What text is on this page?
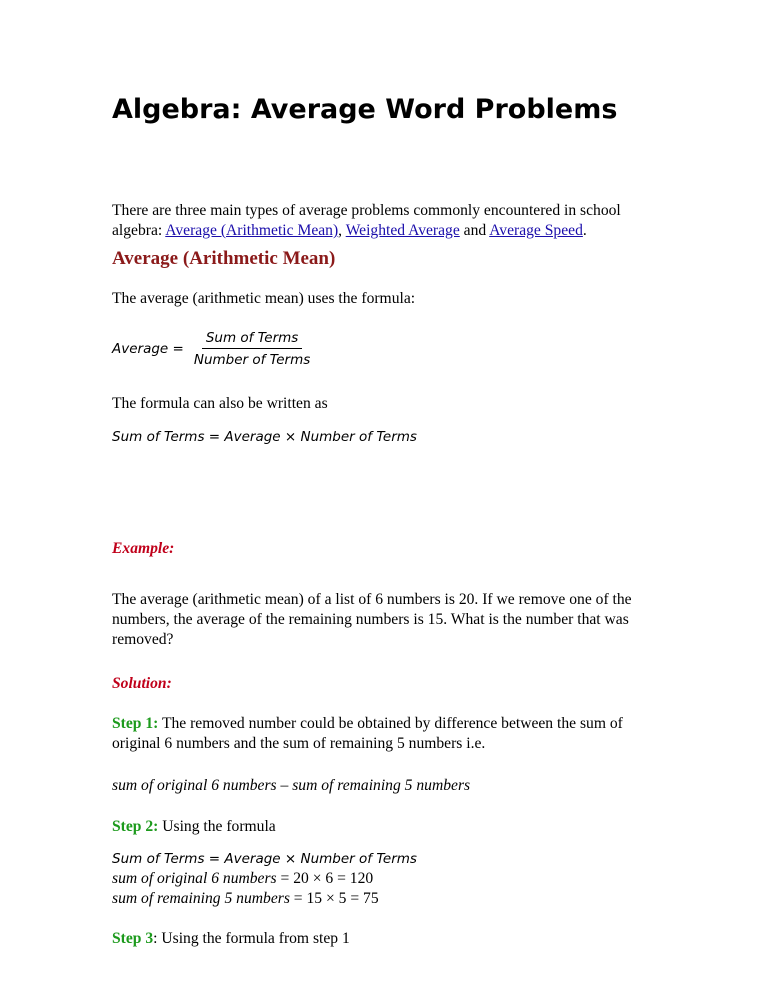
Algebra: Average Word Problems

There are three main types of average problems commonly encountered in school algebra: Average (Arithmetic Mean), Weighted Average and Average Speed.

Average (Arithmetic Mean)

The average (arithmetic mean) uses the formula:

Average = $\frac{\text{Sum of Terms}}{\text{Number of Terms}}$

The formula can also be written as

Sum of Terms = Average × Number of Terms

Example:

The average (arithmetic mean) of a list of 6 numbers is 20. If we remove one of the numbers, the average of the remaining numbers is 15. What is the number that was removed?

Solution:

Step 1: The removed number could be obtained by difference between the sum of original 6 numbers and the sum of remaining 5 numbers i.e.

sum of original 6 numbers – sum of remaining 5 numbers

Step 2: Using the formula

Sum of Terms = Average × Number of Terms

sum of original 6 numbers = 20 × 6 = 120

sum of remaining 5 numbers = 15 × 5 = 75

Step 3: Using the formula from step 1
